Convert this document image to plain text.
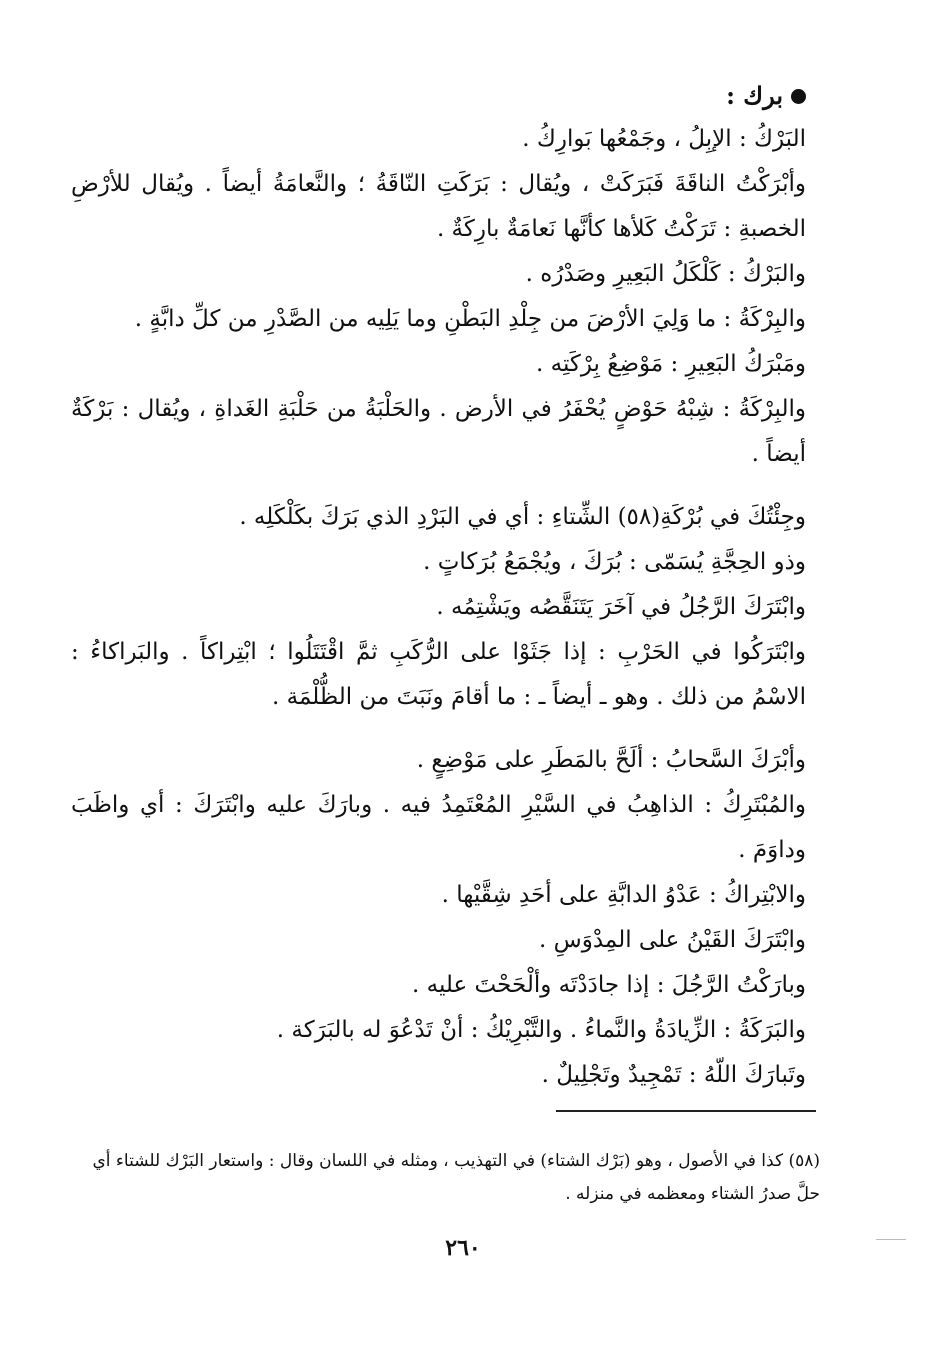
برك :

البَرْكُ : الإبِلُ ، وجَمْعُها بَوارِكُ .

وأبْرَكْتُ الناقَةَ فَبَرَكَتْ ، ويُقال : بَرَكَتِ النّاقَةُ ؛ والنَّعامَةُ أيضاً . ويُقال للأرْضِ الخصبةِ : تَرَكْتُ كَلأها كأنَّها نَعامَةٌ بارِكَةٌ .

والبَرْكُ : كَلْكَلُ البَعِيرِ وصَدْرُه .

والبِرْكَةُ : ما وَلِيَ الأرْضَ من جِلْدِ البَطْنِ وما يَلِيه من الصَّدْرِ من كلِّ دابَّةٍ .

ومَبْرَكُ البَعِيرِ : مَوْضِعُ بِرْكَتِه .

والبِرْكَةُ : شِبْهُ حَوْضٍ يُحْفَرُ في الأرض . والحَلْبَةُ من حَلْبَةِ الغَداةِ ، ويُقال : بَرْكَةٌ أيضاً .

وجِئْتُكَ في بُرْكَةِ(٥٨) الشِّتاءِ : أي في البَرْدِ الذي بَرَكَ بكَلْكَلِه .

وذو الحِجَّةِ يُسَمّى : بُرَكَ ، ويُجْمَعُ بُرَكاتٍ .

وابْتَرَكَ الرَّجُلُ في آخَرَ يَتَنَقَّصُه ويَشْتِمُه .

وابْتَرَكُوا في الحَرْبِ : إذا جَثَوْا على الرُّكَبِ ثمَّ اقْتَتَلُوا ؛ ابْتِراكاً . والبَراكاءُ : الاسْمُ من ذلك . وهو ـ أيضاً ـ : ما أقامَ ونَبَتَ من الظُّلْمَة .

وأبْرَكَ السَّحابُ : ألَحَّ بالمَطَرِ على مَوْضِعٍ .

والمُبْتَرِكُ : الذاهِبُ في السَّيْرِ المُعْتَمِدُ فيه . وبارَكَ عليه وابْتَرَكَ : أي واظَبَ وداوَمَ .

والابْتِراكُ : عَدْوُ الدابَّةِ على أحَدِ شِقَّيْها .

وابْتَرَكَ القَيْنُ على المِدْوَسِ .

وبارَكْتُ الرَّجُلَ : إذا جادَدْتَه وألْحَحْتَ عليه .

والبَرَكَةُ : الزِّيادَةُ والنَّماءُ . والتَّبْرِيْكُ : أنْ تَدْعُوَ له بالبَرَكة .

وتَبارَكَ اللّهُ : تَمْجِيدٌ وتَجْلِيلٌ .

(٥٨) كذا في الأصول ، وهو (بَرْك الشتاء) في التهذيب ، ومثله في اللسان وقال : واستعار البَرْك للشتاء أي حلَّ صدرُ الشتاء ومعظمه في منزله .

٢٦٠
